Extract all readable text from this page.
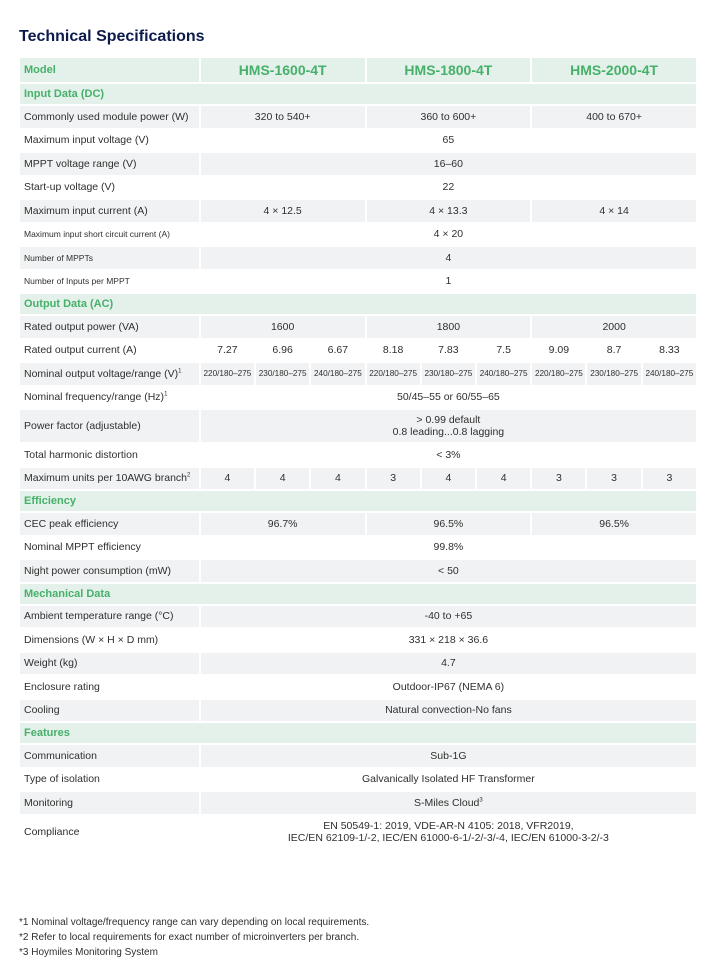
Technical Specifications
Model	HMS-1600-4T			HMS-1800-4T			HMS-2000-4T		
Input Data (DC)									
Commonly used module power (W)	320 to 540+			360 to 600+			400 to 670+		
Maximum input voltage (V)	65								
MPPT voltage range (V)	16–60								
Start-up voltage (V)	22								
Maximum input current (A)	4 × 12.5			4 × 13.3			4 × 14		
Maximum input short circuit current (A)	4 × 20								
Number of MPPTs	4								
Number of Inputs per MPPT	1								
Output Data (AC)									
Rated output power (VA)	1600			1800			2000		
Rated output current (A)	7.27	6.96	6.67	8.18	7.83	7.5	9.09	8.7	8.33
Nominal output voltage/range $(V)^1$	220/180–275	230/180–275	240/180–275	220/180–275	230/180–275	240/180–275	220/180–275	230/180–275	240/180–275
Nominal frequency/range $(Hz)^1$	50/45–55 or 60/55–65								
Power factor (adjustable)	> 0.99 default
0.8 leading...0.8 lagging								

Total harmonic distortion	< 3%								
Maximum units per 10AWG branch$^2$	4	4	4	3	4	4	3	3	3
Efficiency									
CEC peak efficiency	96.7%			96.5%			96.5%		
Nominal MPPT efficiency	99.8%								
Night power consumption (mW)	< 50								
Mechanical Data									
Ambient temperature range (°C)	-40 to +65								
Dimensions (W × H × D mm)	331 × 218 × 36.6								
Weight (kg)	4.7								
Enclosure rating	Outdoor-IP67 (NEMA 6)								
Cooling	Natural convection-No fans								
Features									
Communication	Sub-1G								
Type of isolation	Galvanically Isolated HF Transformer								
Monitoring	S-Miles Cloud$^3$
Compliance	EN 50549-1: 2019, VDE-AR-N 4105: 2018, VFR2019,
IEC/EN 62109-1/-2, IEC/EN 61000-6-1/-2/-3/-4, IEC/EN 61000-3-2/-3								
*1 Nominal voltage/frequency range can vary depending on local requirements.
*2 Refer to local requirements for exact number of microinverters per branch.
*3 Hoymiles Monitoring System
